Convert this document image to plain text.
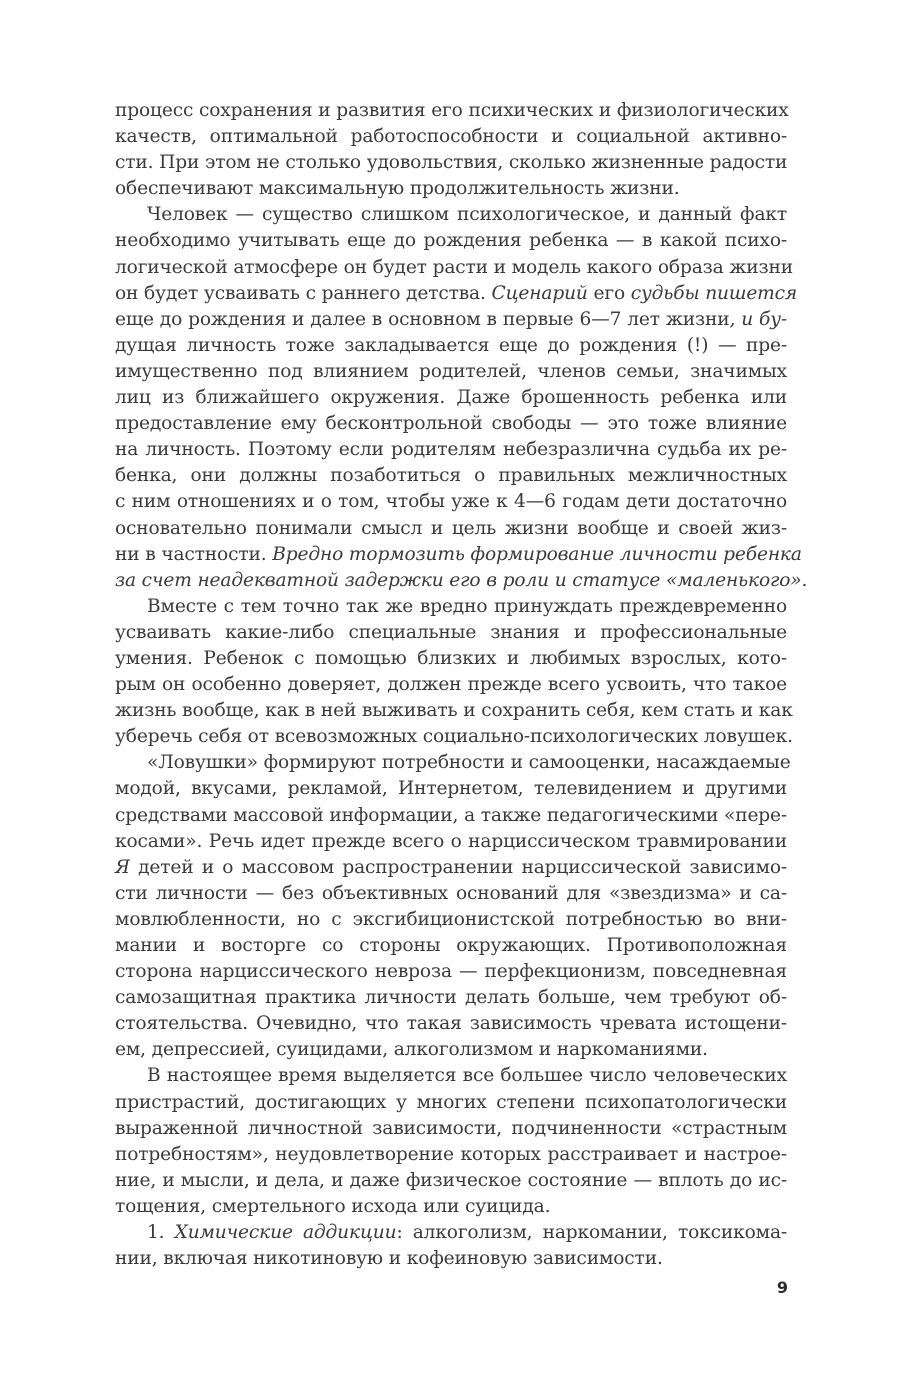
процесс сохранения и развития его психических и физиологических
качеств, оптимальной работоспособности и социальной активно-
сти. При этом не столько удовольствия, сколько жизненные радости
обеспечивают максимальную продолжительность жизни.
Человек — существо слишком психологическое, и данный факт
необходимо учитывать еще до рождения ребенка — в какой психо-
логической атмосфере он будет расти и модель какого образа жизни
он будет усваивать с раннего детства. Сценарий его судьбы пишется
еще до рождения и далее в основном в первые 6—7 лет жизни, и бу-
дущая личность тоже закладывается еще до рождения (!) — пре-
имущественно под влиянием родителей, членов семьи, значимых
лиц из ближайшего окружения. Даже брошенность ребенка или
предоставление ему бесконтрольной свободы — это тоже влияние
на личность. Поэтому если родителям небезразлична судьба их ре-
бенка, они должны позаботиться о правильных межличностных
с ним отношениях и о том, чтобы уже к 4—6 годам дети достаточно
основательно понимали смысл и цель жизни вообще и своей жиз-
ни в частности. Вредно тормозить формирование личности ребенка
за счет неадекватной задержки его в роли и статусе «маленького».
Вместе с тем точно так же вредно принуждать преждевременно
усваивать какие-либо специальные знания и профессиональные
умения. Ребенок с помощью близких и любимых взрослых, кото-
рым он особенно доверяет, должен прежде всего усвоить, что такое
жизнь вообще, как в ней выживать и сохранить себя, кем стать и как
уберечь себя от всевозможных социально-психологических ловушек.
«Ловушки» формируют потребности и самооценки, насаждаемые
модой, вкусами, рекламой, Интернетом, телевидением и другими
средствами массовой информации, а также педагогическими «пере-
косами». Речь идет прежде всего о нарциссическом травмировании
Я детей и о массовом распространении нарциссической зависимо-
сти личности — без объективных оснований для «звездизма» и са-
мовлюбленности, но с эксгибиционистской потребностью во вни-
мании и восторге со стороны окружающих. Противоположная
сторона нарциссического невроза — перфекционизм, повседневная
самозащитная практика личности делать больше, чем требуют об-
стоятельства. Очевидно, что такая зависимость чревата истощени-
ем, депрессией, суицидами, алкоголизмом и наркоманиями.
В настоящее время выделяется все большее число человеческих
пристрастий, достигающих у многих степени психопатологически
выраженной личностной зависимости, подчиненности «страстным
потребностям», неудовлетворение которых расстраивает и настрое-
ние, и мысли, и дела, и даже физическое состояние — вплоть до ис-
тощения, смертельного исхода или суицида.
1. Химические аддикции: алкоголизм, наркомании, токсикома-
нии, включая никотиновую и кофеиновую зависимости.
9
